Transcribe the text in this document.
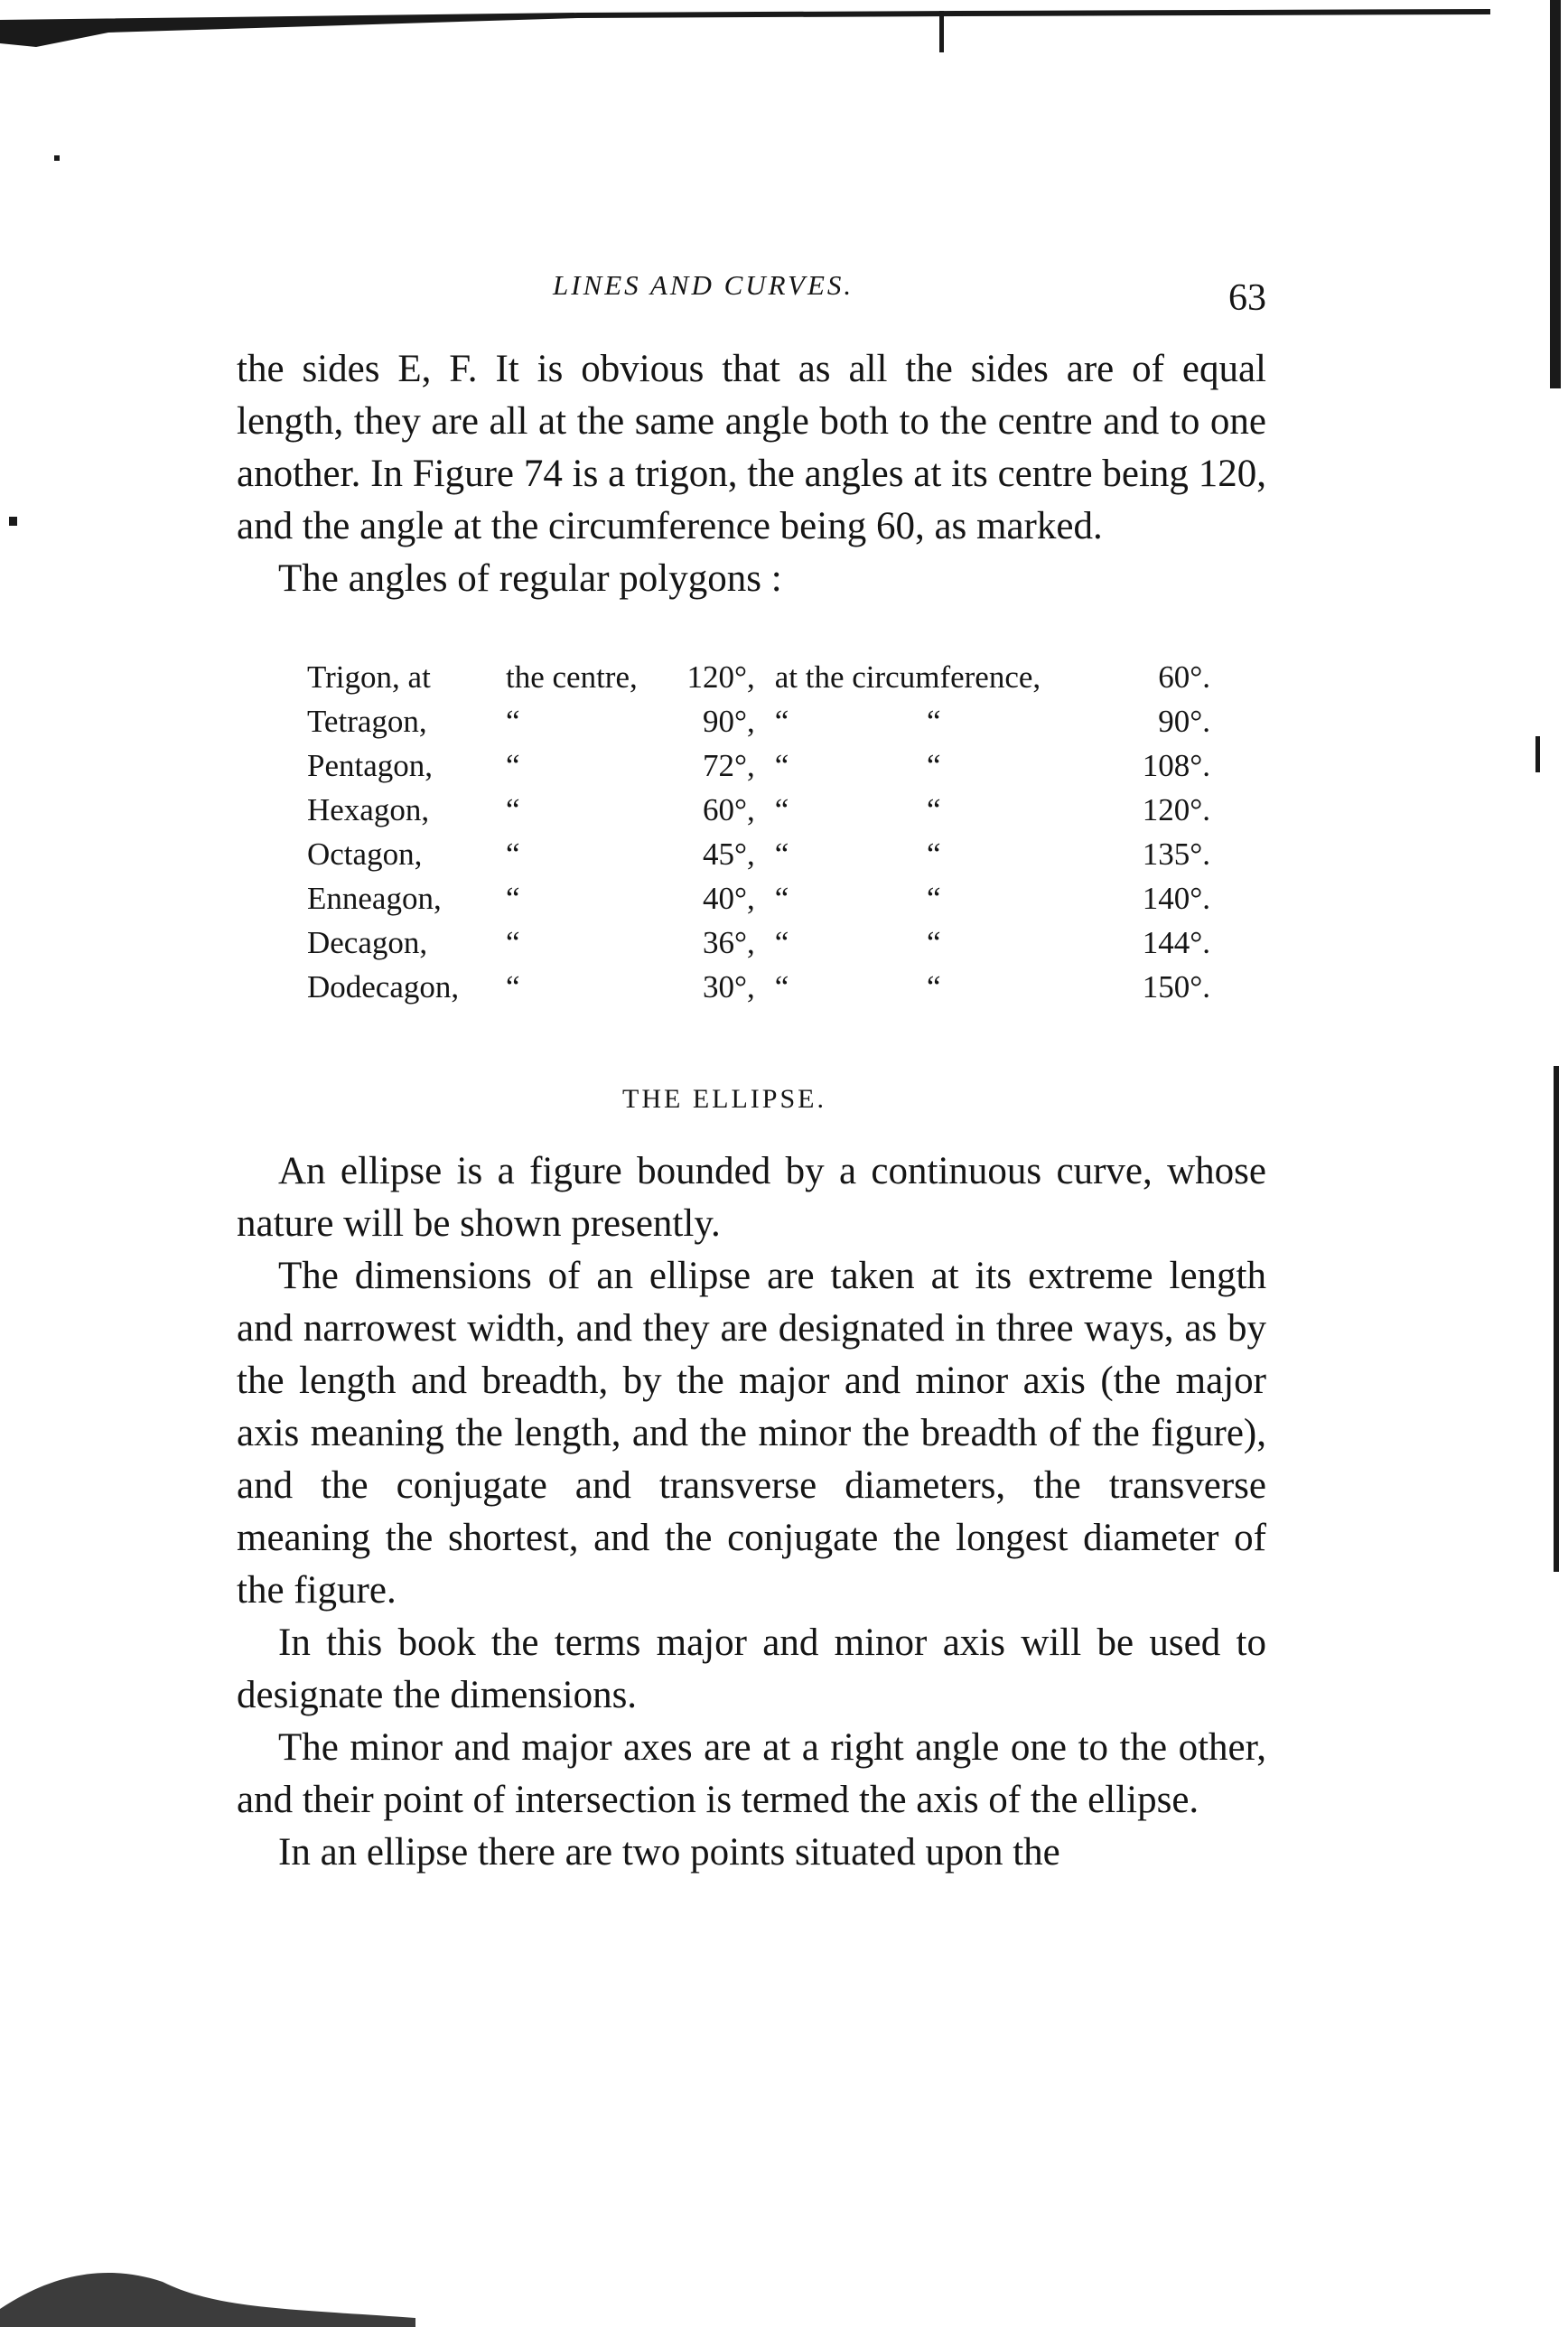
LINES AND CURVES.	63

the sides E, F. It is obvious that as all the sides are of equal length, they are all at the same angle both to the centre and to one another. In Figure 74 is a trigon, the angles at its centre being 120, and the angle at the circumference being 60, as marked.

The angles of regular polygons :

Trigon, at	the centre,	120°,	at the circumference,		60°.
Tetragon,	“	90°,	“	“	90°.
Pentagon,	“	72°,	“	“	108°.
Hexagon,	“	60°,	“	“	120°.
Octagon,	“	45°,	“	“	135°.
Enneagon,	“	40°,	“	“	140°.
Decagon,	“	36°,	“	“	144°.
Dodecagon,	“	30°,	“	“	150°.
THE ELLIPSE.

An ellipse is a figure bounded by a continuous curve, whose nature will be shown presently.

The dimensions of an ellipse are taken at its extreme length and narrowest width, and they are designated in three ways, as by the length and breadth, by the major and minor axis (the major axis meaning the length, and the minor the breadth of the figure), and the conjugate and transverse diameters, the transverse meaning the shortest, and the conjugate the longest diameter of the figure.

In this book the terms major and minor axis will be used to designate the dimensions.

The minor and major axes are at a right angle one to the other, and their point of intersection is termed the axis of the ellipse.

In an ellipse there are two points situated upon the
